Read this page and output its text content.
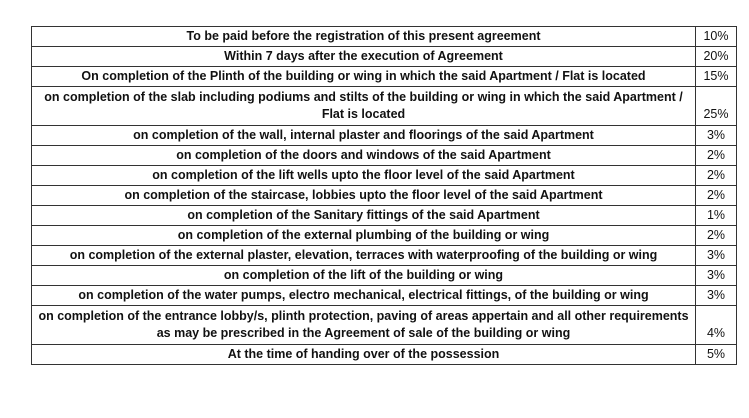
To be paid before the registration of this present agreement	10%
Within 7 days after the execution of Agreement	20%
On completion of the Plinth of the building or wing in which the said Apartment / Flat is located	15%
on completion of the slab including podiums and stilts of the building or wing in which the said Apartment / Flat is located	25%
on completion of the wall, internal plaster and floorings of the said Apartment	3%
on completion of the doors and windows of the said Apartment	2%
on completion of the lift wells upto the floor level of the said Apartment	2%
on completion of the staircase, lobbies upto the floor level of the said Apartment	2%
on completion of the Sanitary fittings of the said Apartment	1%
on completion of the external plumbing of the building or wing	2%
on completion of the external plaster, elevation, terraces with waterproofing of the building or wing	3%
on completion of the lift of the building or wing	3%
on completion of the water pumps, electro mechanical, electrical fittings, of the building or wing	3%
on completion of the entrance lobby/s, plinth protection, paving of areas appertain and all other requirements as may be prescribed in the Agreement of sale of the building or wing	4%
At the time of handing over of the possession	5%
